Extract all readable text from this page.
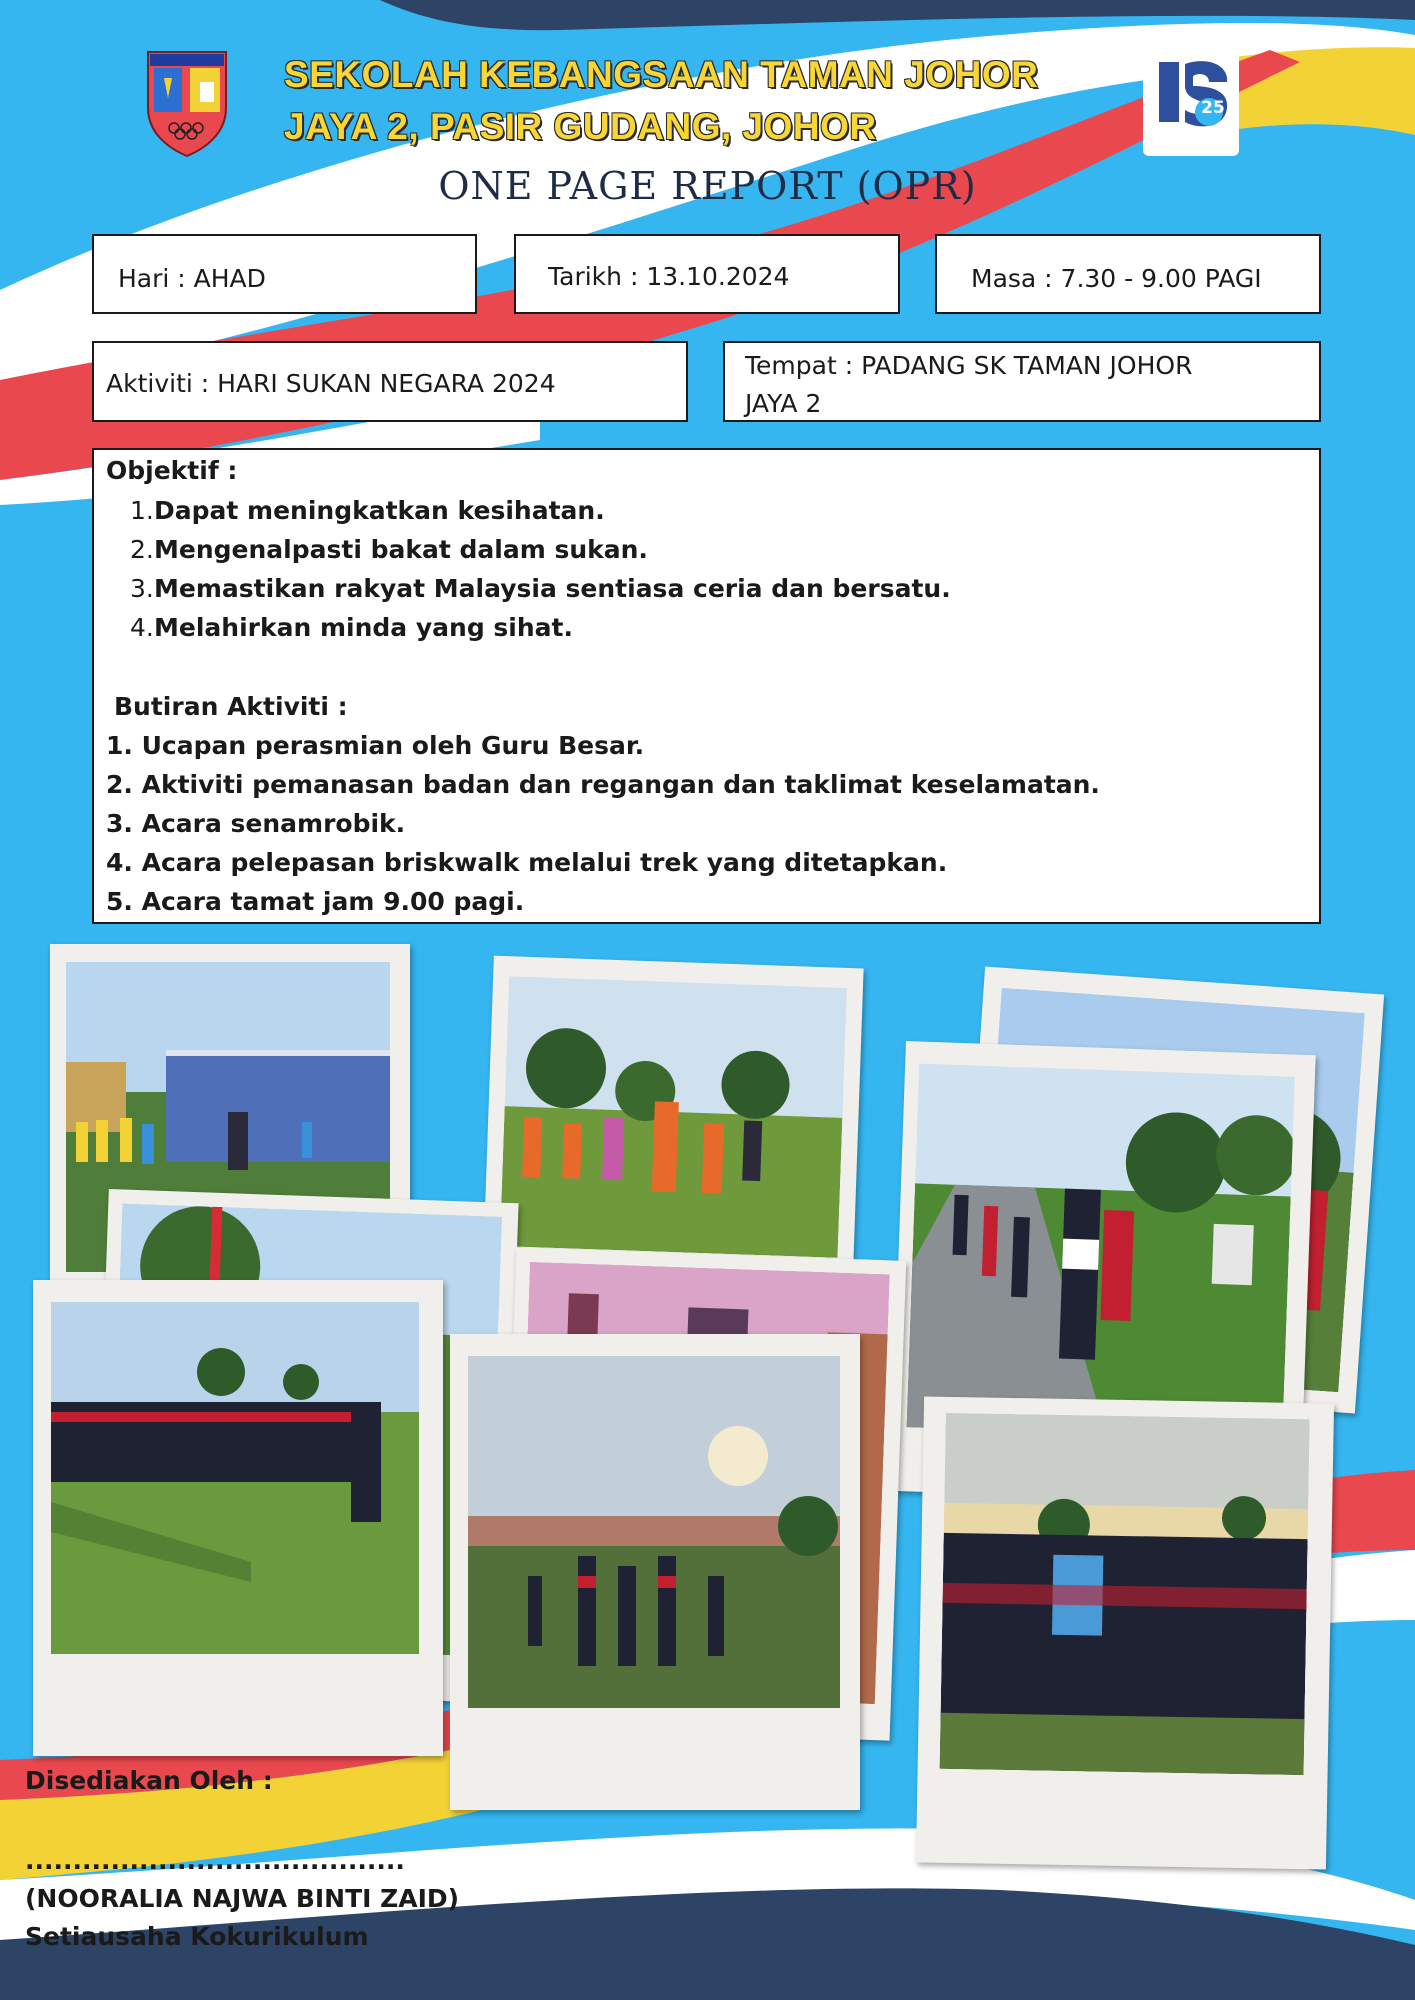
25
SEKOLAH KEBANGSAAN TAMAN JOHOR
JAYA 2, PASIR GUDANG, JOHOR
ONE PAGE REPORT (OPR)
Hari : AHAD	Tarikh : 13.10.2024	Masa : 7.30 - 9.00 PAGI
Aktiviti : HARI SUKAN NEGARA 2024
Tempat : PADANG SK TAMAN JOHOR
JAYA 2
Objektif :
1. Dapat meningkatkan kesihatan.
2. Mengenalpasti bakat dalam sukan.
3. Memastikan rakyat Malaysia sentiasa ceria dan bersatu.
4. Melahirkan minda yang sihat.
Butiran Aktiviti :
1. Ucapan perasmian oleh Guru Besar.
2. Aktiviti pemanasan badan dan regangan dan taklimat keselamatan.
3. Acara senamrobik.
4. Acara pelepasan briskwalk melalui trek yang ditetapkan.
5. Acara tamat jam 9.00 pagi.
Disediakan Oleh :
........................................
(NOORALIA NAJWA BINTI ZAID)
Setiausaha Kokurikulum
